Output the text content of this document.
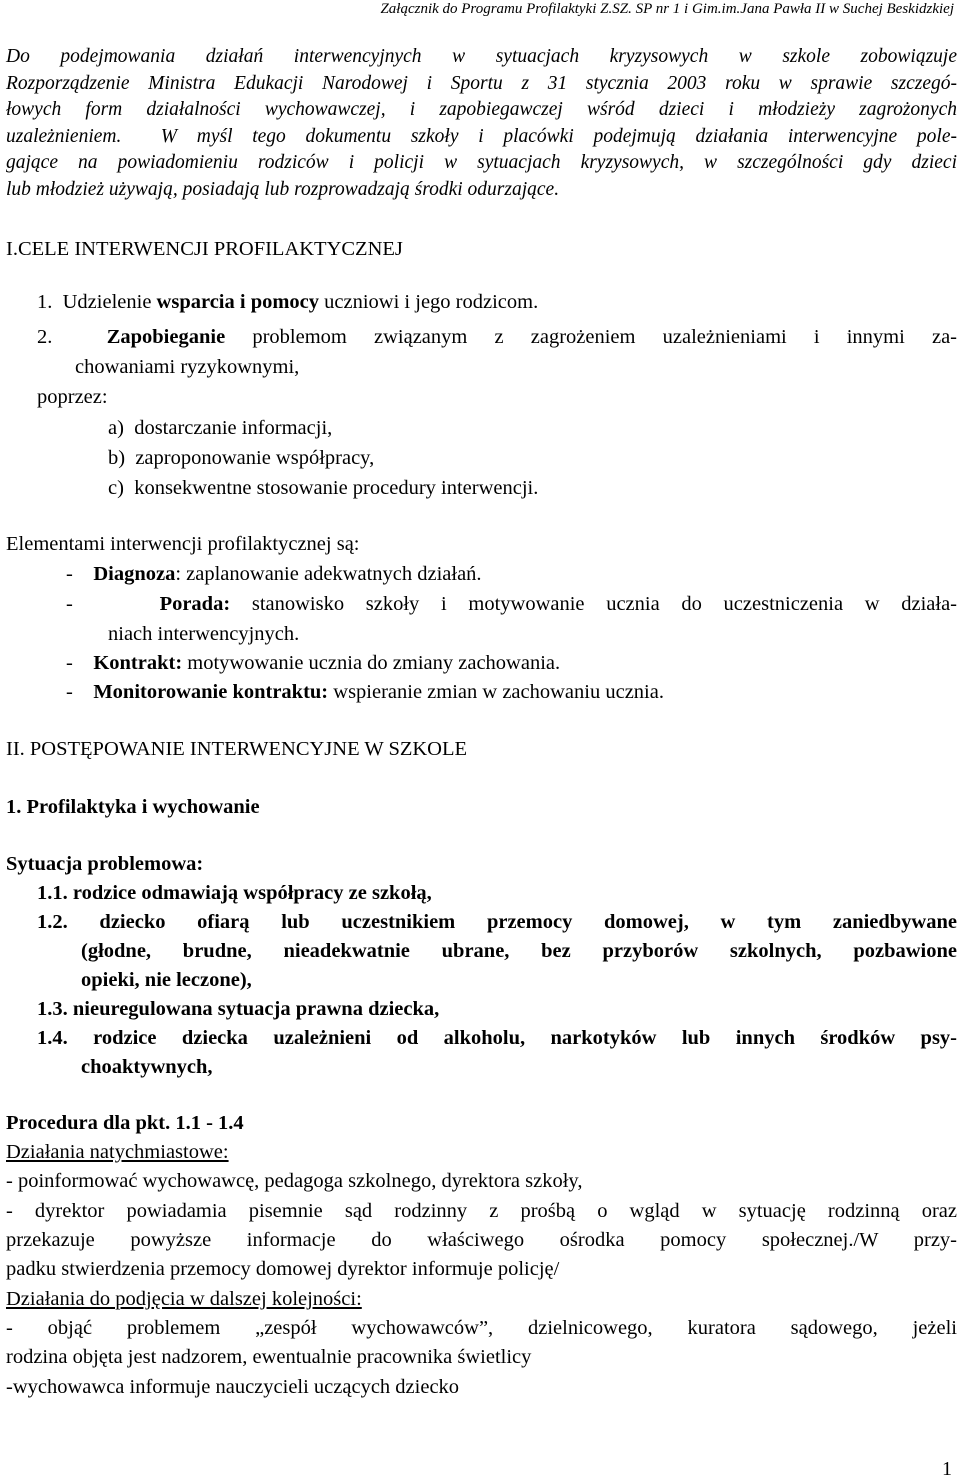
Załącznik do Programu Profilaktyki Z.SZ. SP nr 1 i Gim.im.Jana Pawła II w Suchej Beskidzkiej

Do podejmowania działań interwencyjnych w sytuacjach kryzysowych w szkole zobowiązuje

Rozporządzenie Ministra Edukacji Narodowej i Sportu z 31 stycznia 2003 roku w sprawie szczegó-

łowych form działalności wychowawczej, i zapobiegawczej wśród dzieci i młodzieży zagrożonych

uzależnieniem.  W myśl tego dokumentu szkoły i placówki podejmują działania interwencyjne pole-

gające na powiadomieniu rodziców i policji w sytuacjach kryzysowych, w szczególności gdy dzieci

lub młodzież używają, posiadają lub rozprowadzają środki odurzające.

I.CELE INTERWENCJI PROFILAKTYCZNEJ
1. Udzielenie wsparcia i pomocy uczniowi i jego rodzicom.
2.	Zapobieganie problemom związanym z zagrożeniem uzależnieniami i innymi za-
chowaniami ryzykownymi,
poprzez:
a) dostarczanie informacji,
b) zaproponowanie współpracy,
c) konsekwentne stosowanie procedury interwencji.
Elementami interwencji profilaktycznej są:
-    Diagnoza: zaplanowanie adekwatnych działań.
-    Porada: stanowisko szkoły i motywowanie ucznia do uczestniczenia w działa-
niach interwencyjnych.
-    Kontrakt: motywowanie ucznia do zmiany zachowania.
-    Monitorowanie kontraktu: wspieranie zmian w zachowaniu ucznia.
II. POSTĘPOWANIE INTERWENCYJNE W SZKOLE
1. Profilaktyka i wychowanie
Sytuacja problemowa:
1.1. rodzice odmawiają współpracy ze szkołą,
1.2. dziecko ofiarą lub uczestnikiem przemocy domowej, w tym zaniedbywane
(głodne, brudne, nieadekwatnie ubrane, bez przyborów szkolnych, pozbawione
opieki, nie leczone),
1.3. nieuregulowana sytuacja prawna dziecka,
1.4. rodzice dziecka uzależnieni od alkoholu, narkotyków lub innych środków psy-
choaktywnych,
Procedura dla pkt. 1.1 - 1.4
Działania natychmiastowe:
- poinformować wychowawcę, pedagoga szkolnego, dyrektora szkoły,
- dyrektor powiadamia pisemnie sąd rodzinny z prośbą o wgląd w sytuację rodzinną oraz
przekazuje powyższe informacje do właściwego ośrodka pomocy społecznej./W przy-
padku stwierdzenia przemocy domowej dyrektor informuje policję/
Działania do podjęcia w dalszej kolejności:
- objąć problemem „zespół wychowawców”, dzielnicowego, kuratora sądowego, jeżeli
rodzina objęta jest nadzorem, ewentualnie pracownika świetlicy
-wychowawca informuje nauczycieli uczących dziecko
1
